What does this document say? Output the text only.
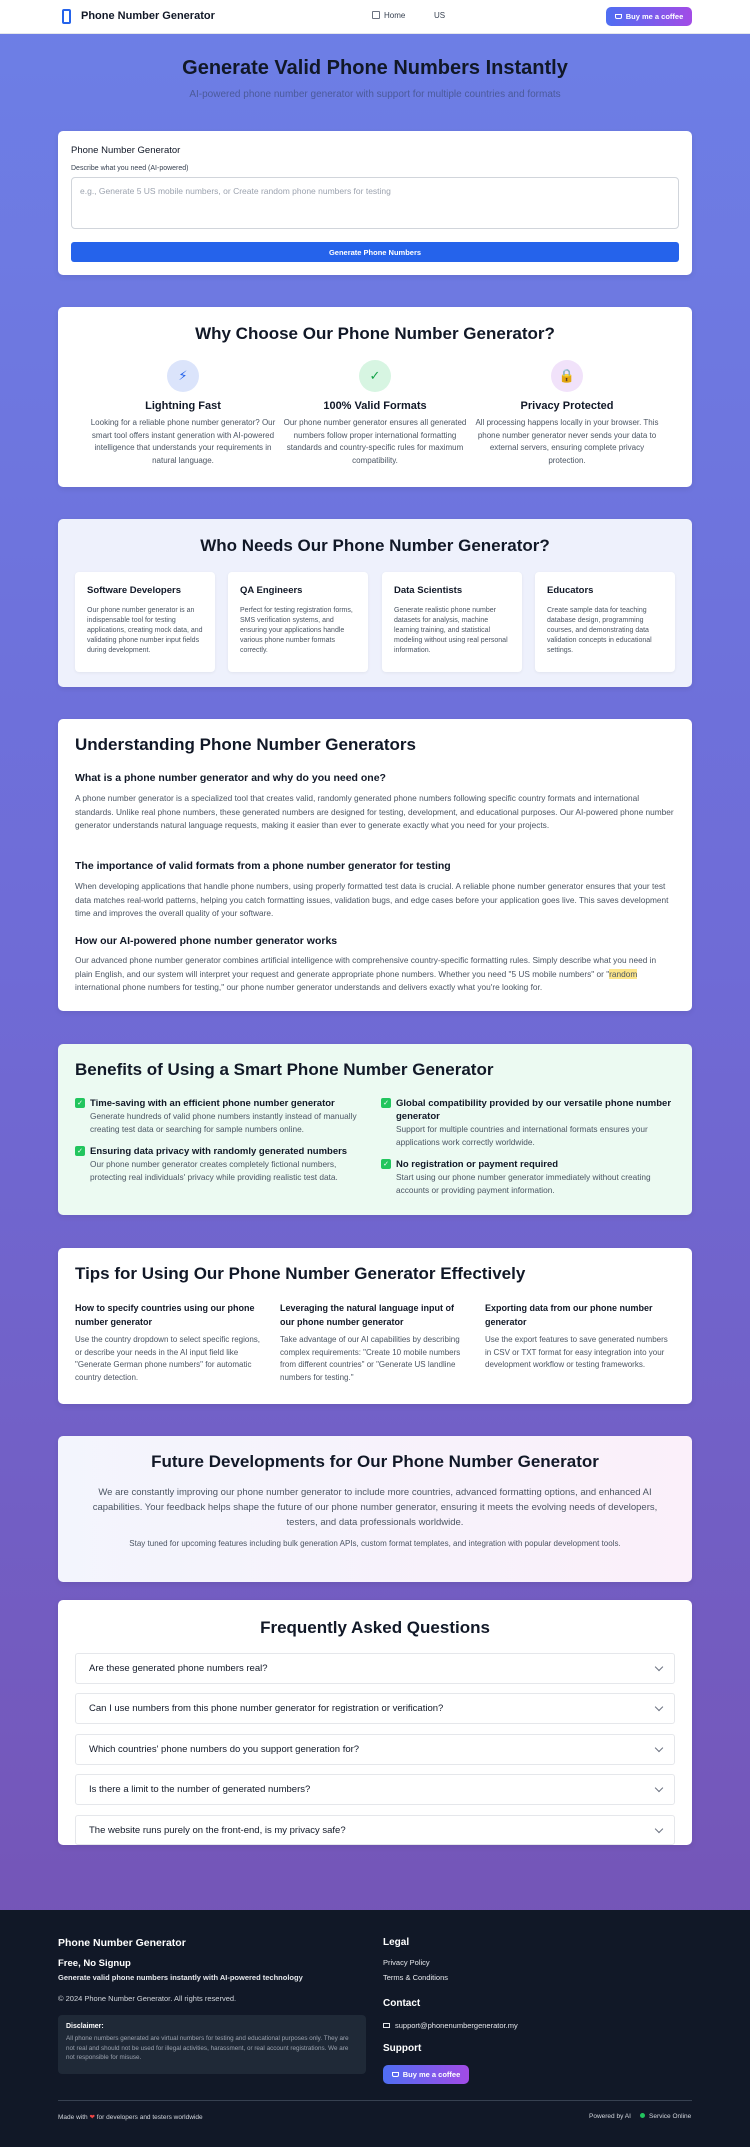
Phone Number Generator	Home	US	Buy me a coffee
Generate Valid Phone Numbers Instantly
AI-powered phone number generator with support for multiple countries and formats
Phone Number Generator
Describe what you need (AI-powered)
e.g., Generate 5 US mobile numbers, or Create random phone numbers for testing
Generate Phone Numbers
Why Choose Our Phone Number Generator?
⚡
Lightning Fast

Looking for a reliable phone number generator? Our smart tool offers instant generation with AI-powered intelligence that understands your requirements in natural language.

✓
100% Valid Formats

Our phone number generator ensures all generated numbers follow proper international formatting standards and country-specific rules for maximum compatibility.

🔒
Privacy Protected

All processing happens locally in your browser. This phone number generator never sends your data to external servers, ensuring complete privacy protection.

Who Needs Our Phone Number Generator?
Software Developers

Our phone number generator is an indispensable tool for testing applications, creating mock data, and validating phone number input fields during development.

QA Engineers

Perfect for testing registration forms, SMS verification systems, and ensuring your applications handle various phone number formats correctly.

Data Scientists

Generate realistic phone number datasets for analysis, machine learning training, and statistical modeling without using real personal information.

Educators

Create sample data for teaching database design, programming courses, and demonstrating data validation concepts in educational settings.

Understanding Phone Number Generators
What is a phone number generator and why do you need one?
A phone number generator is a specialized tool that creates valid, randomly generated phone numbers following specific country formats and international standards. Unlike real phone numbers, these generated numbers are designed for testing, development, and educational purposes. Our AI-powered phone number generator understands natural language requests, making it easier than ever to generate exactly what you need for your projects.
The importance of valid formats from a phone number generator for testing
When developing applications that handle phone numbers, using properly formatted test data is crucial. A reliable phone number generator ensures that your test data matches real-world patterns, helping you catch formatting issues, validation bugs, and edge cases before your application goes live. This saves development time and improves the overall quality of your software.
How our AI-powered phone number generator works
Our advanced phone number generator combines artificial intelligence with comprehensive country-specific formatting rules. Simply describe what you need in plain English, and our system will interpret your request and generate appropriate phone numbers. Whether you need "5 US mobile numbers" or "random international phone numbers for testing," our phone number generator understands and delivers exactly what you're looking for.
Benefits of Using a Smart Phone Number Generator
✓ Time-saving with an efficient phone number generator

Generate hundreds of valid phone numbers instantly instead of manually creating test data or searching for sample numbers online.

✓ Ensuring data privacy with randomly generated numbers

Our phone number generator creates completely fictional numbers, protecting real individuals' privacy while providing realistic test data.

✓ Global compatibility provided by our versatile phone number generator

Support for multiple countries and international formats ensures your applications work correctly worldwide.

✓ No registration or payment required

Start using our phone number generator immediately without creating accounts or providing payment information.

Tips for Using Our Phone Number Generator Effectively
How to specify countries using our phone number generator

Use the country dropdown to select specific regions, or describe your needs in the AI input field like "Generate German phone numbers" for automatic country detection.

Leveraging the natural language input of our phone number generator

Take advantage of our AI capabilities by describing complex requirements: "Create 10 mobile numbers from different countries" or "Generate US landline numbers for testing."

Exporting data from our phone number generator

Use the export features to save generated numbers in CSV or TXT format for easy integration into your development workflow or testing frameworks.

Future Developments for Our Phone Number Generator
We are constantly improving our phone number generator to include more countries, advanced formatting options, and enhanced AI capabilities. Your feedback helps shape the future of our phone number generator, ensuring it meets the evolving needs of developers, testers, and data professionals worldwide.
Stay tuned for upcoming features including bulk generation APIs, custom format templates, and integration with popular development tools.
Frequently Asked Questions
Are these generated phone numbers real?
Can I use numbers from this phone number generator for registration or verification?
Which countries' phone numbers do you support generation for?
Is there a limit to the number of generated numbers?
The website runs purely on the front-end, is my privacy safe?
Phone Number Generator
Free, No Signup
Generate valid phone numbers instantly with AI-powered technology
© 2024 Phone Number Generator. All rights reserved.
Disclaimer:

All phone numbers generated are virtual numbers for testing and educational purposes only. They are not real and should not be used for illegal activities, harassment, or real account registrations. We are not responsible for misuse.

Legal
Privacy Policy
Terms & Conditions
Contact
support@phonenumbergenerator.my
Support
Buy me a coffee
Made with ❤ for developers and testers worldwide	Powered by AI	Service Online
